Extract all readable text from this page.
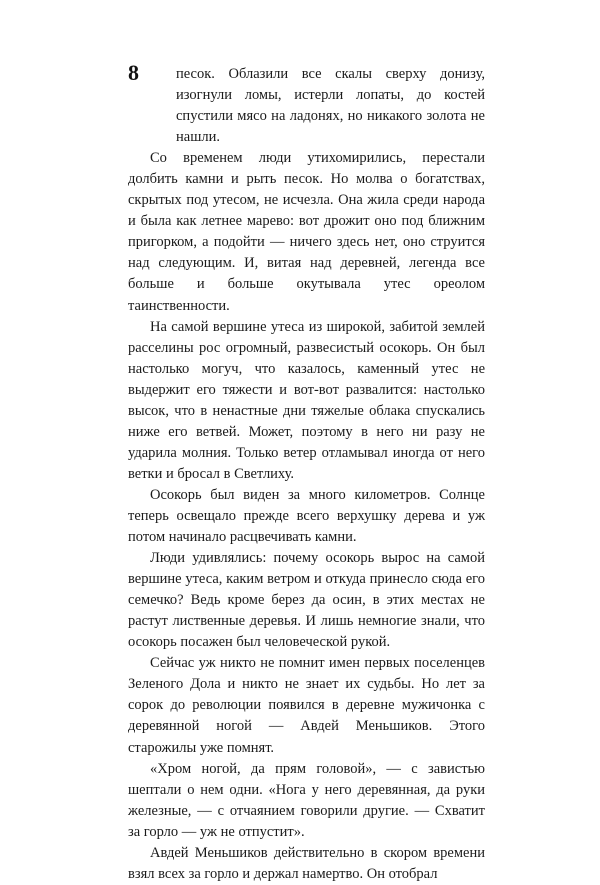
8	песок. Облазили все скалы сверху донизу, изогнули ломы, истерли лопаты, до костей спустили мясо на ладонях, но никакого золота не нашли.

Со временем люди утихомирились, перестали долбить камни и рыть песок. Но молва о богатствах, скрытых под утесом, не исчезла. Она жила среди народа и была как летнее марево: вот дрожит оно под ближним пригорком, а подойти — ничего здесь нет, оно струится над следующим. И, витая над деревней, легенда все больше и больше окутывала утес ореолом таинственности.

На самой вершине утеса из широкой, забитой землей расселины рос огромный, развесистый осокорь. Он был настолько могуч, что казалось, каменный утес не выдержит его тяжести и вот-вот развалится: настолько высок, что в ненастные дни тяжелые облака спускались ниже его ветвей. Может, поэтому в него ни разу не ударила молния. Только ветер отламывал иногда от него ветки и бросал в Светлиху.

Осокорь был виден за много километров. Солнце теперь освещало прежде всего верхушку дерева и уж потом начинало расцвечивать камни.

Люди удивлялись: почему осокорь вырос на самой вершине утеса, каким ветром и откуда принесло сюда его семечко? Ведь кроме берез да осин, в этих местах не растут лиственные деревья. И лишь немногие знали, что осокорь посажен был человеческой рукой.

Сейчас уж никто не помнит имен первых поселенцев Зеленого Дола и никто не знает их судьбы. Но лет за сорок до революции появился в деревне мужичонка с деревянной ногой — Авдей Меньшиков. Этого старожилы уже помнят.

«Хром ногой, да прям головой», — с завистью шептали о нем одни. «Нога у него деревянная, да руки железные, — с отчаянием говорили другие. — Схватит за горло — уж не отпустит».

Авдей Меньшиков действительно в скором времени взял всех за горло и держал намертво. Он отобрал
